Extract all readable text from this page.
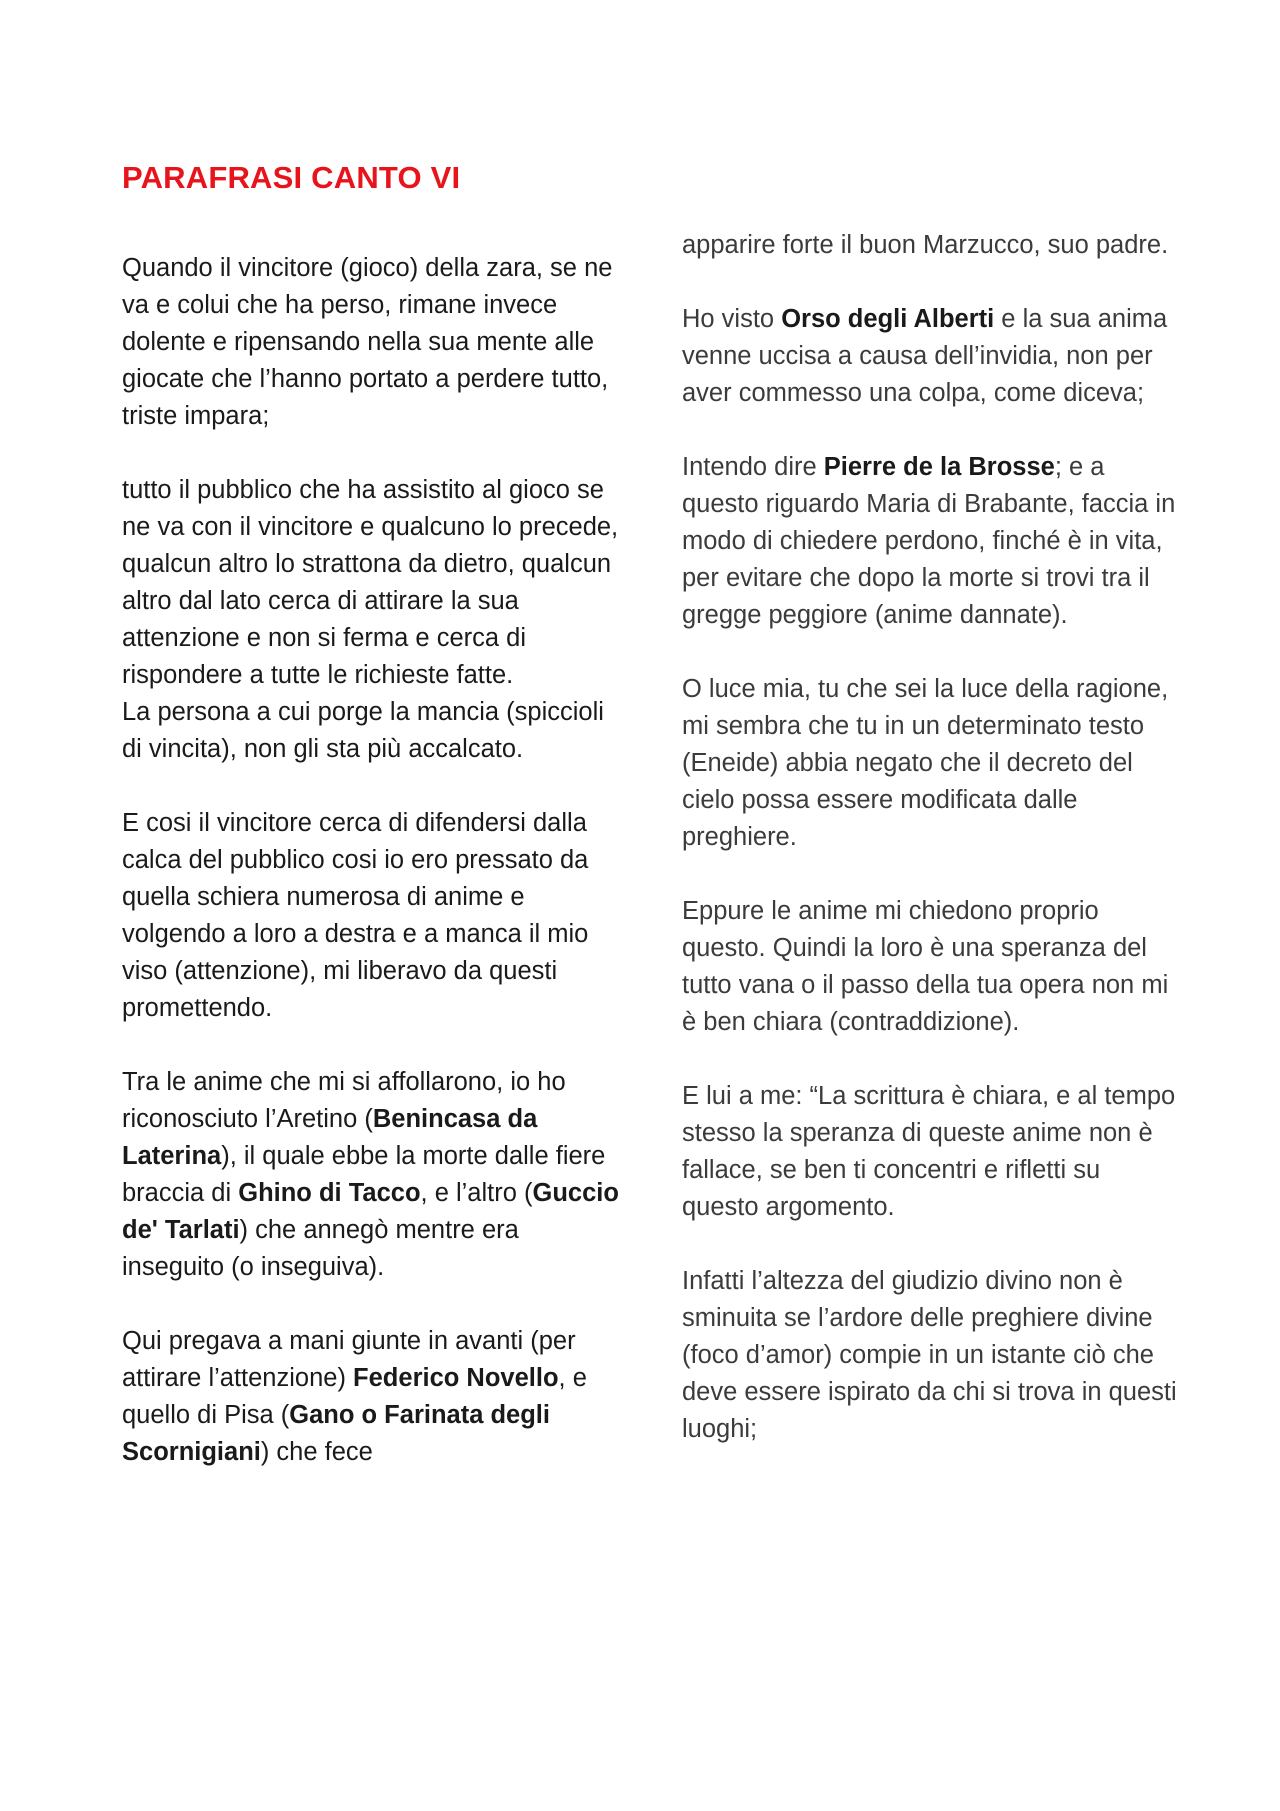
PARAFRASI CANTO VI

Quando il vincitore (gioco) della zara, se ne va e colui che ha perso, rimane invece dolente e ripensando nella sua mente alle giocate che l’hanno portato a perdere tutto, triste impara;

tutto il pubblico che ha assistito al gioco se ne va con il vincitore e qualcuno lo precede, qualcun altro lo strattona da dietro, qualcun altro dal lato cerca di attirare la sua attenzione e non si ferma e cerca di rispondere a tutte le richieste fatte.

La persona a cui porge la mancia (spiccioli di vincita), non gli sta più accalcato.

E cosi il vincitore cerca di difendersi dalla calca del pubblico cosi io ero pressato da quella schiera numerosa di anime e volgendo a loro a destra e a manca il mio viso (attenzione), mi liberavo da questi promettendo.

Tra le anime che mi si affollarono, io ho riconosciuto l’Aretino (Benincasa da Laterina), il quale ebbe la morte dalle fiere braccia di Ghino di Tacco, e l’altro (Guccio de' Tarlati) che annegò mentre era inseguito (o inseguiva).

Qui pregava a mani giunte in avanti (per attirare l’attenzione) Federico Novello, e quello di Pisa (Gano o Farinata degli Scornigiani) che fece

apparire forte il buon Marzucco, suo padre.

Ho visto Orso degli Alberti e la sua anima venne uccisa a causa dell’invidia, non per aver commesso una colpa, come diceva;

Intendo dire Pierre de la Brosse; e a questo riguardo Maria di Brabante, faccia in modo di chiedere perdono, finché è in vita, per evitare che dopo la morte si trovi tra il gregge peggiore (anime dannate).

O luce mia, tu che sei la luce della ragione, mi sembra che tu in un determinato testo (Eneide) abbia negato che il decreto del cielo possa essere modificata dalle preghiere.

Eppure le anime mi chiedono proprio questo. Quindi la loro è una speranza del tutto vana o il passo della tua opera non mi è ben chiara (contraddizione).

E lui a me: “La scrittura è chiara, e al tempo stesso la speranza di queste anime non è fallace, se ben ti concentri e rifletti su questo argomento.

Infatti l’altezza del giudizio divino non è sminuita se l’ardore delle preghiere divine (foco d’amor) compie in un istante ciò che deve essere ispirato da chi si trova in questi luoghi;
